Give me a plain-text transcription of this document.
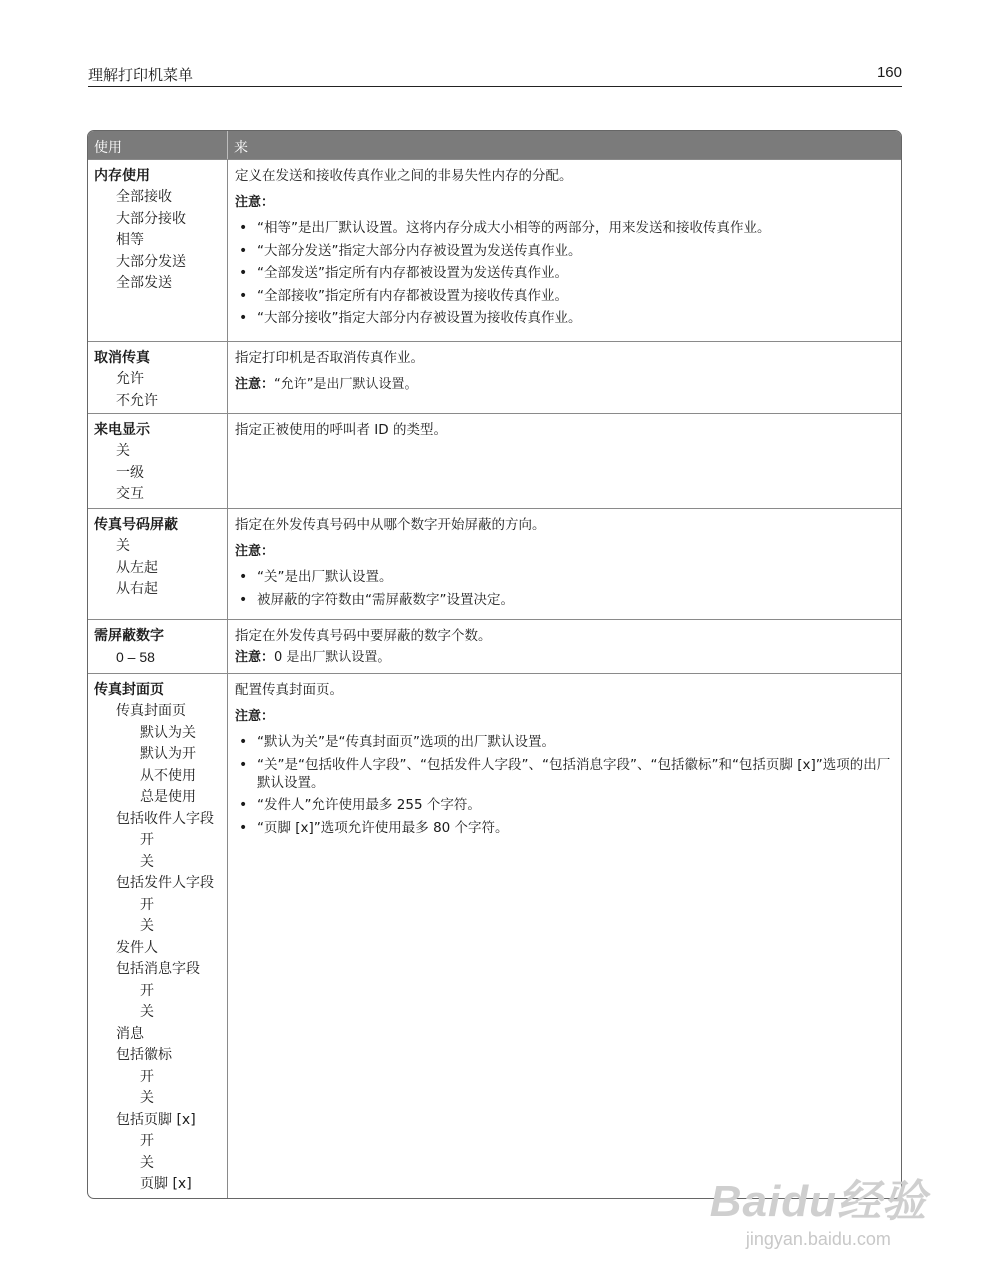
理解打印机菜单	160
使用	来
内存使用
全部接收
大部分接收
相等
大部分发送
全部发送
定义在发送和接收传真作业之间的非易失性内存的分配。
注意：
• “相等”是出厂默认设置。这将内存分成大小相等的两部分，用来发送和接收传真作业。
• “大部分发送”指定大部分内存被设置为发送传真作业。
• “全部发送”指定所有内存都被设置为发送传真作业。
• “全部接收”指定所有内存都被设置为接收传真作业。
• “大部分接收”指定大部分内存被设置为接收传真作业。
取消传真
允许
不允许
指定打印机是否取消传真作业。
注意：“允许”是出厂默认设置。
来电显示
关
一级
交互
指定正被使用的呼叫者 ID 的类型。
传真号码屏蔽
关
从左起
从右起
指定在外发传真号码中从哪个数字开始屏蔽的方向。
注意：
• “关”是出厂默认设置。
• 被屏蔽的字符数由“需屏蔽数字”设置决定。
需屏蔽数字
0 – 58
指定在外发传真号码中要屏蔽的数字个数。
注意：0 是出厂默认设置。
传真封面页
传真封面页
默认为关
默认为开
从不使用
总是使用
包括收件人字段
开
关
包括发件人字段
开
关
发件人
包括消息字段
开
关
消息
包括徽标
开
关
包括页脚 [x]
开
关
页脚 [x]
配置传真封面页。
注意：
• “默认为关”是“传真封面页”选项的出厂默认设置。
• “关”是“包括收件人字段”、“包括发件人字段”、“包括消息字段”、“包括徽标”和“包括页脚 [x]”选项的出厂默认设置。
• “发件人”允许使用最多 255 个字符。
• “页脚 [x]”选项允许使用最多 80 个字符。
Baidu经验
jingyan.baidu.com
